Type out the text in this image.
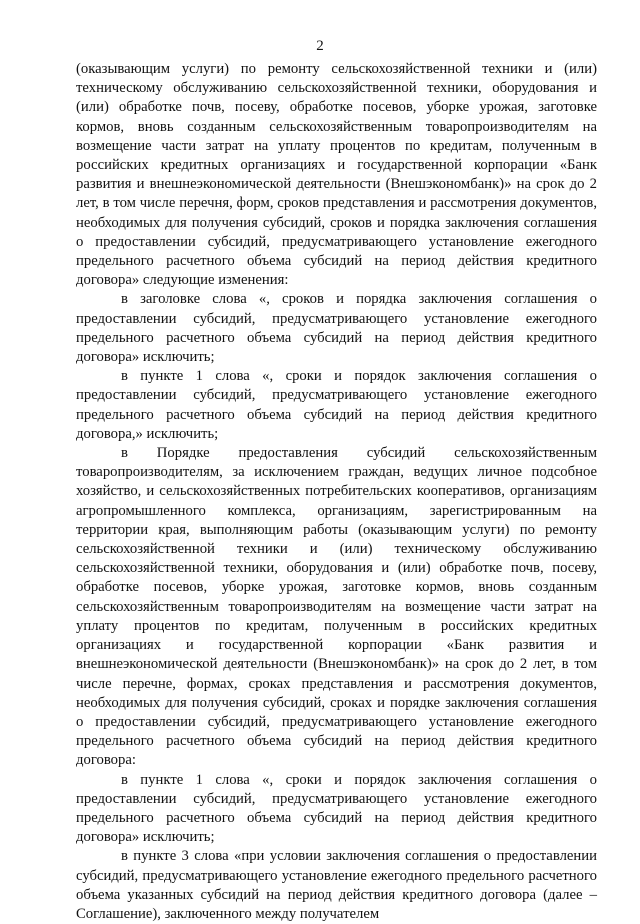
2

(оказывающим услуги) по ремонту сельскохозяйственной техники и (или) техническому обслуживанию сельскохозяйственной техники, оборудования и (или) обработке почв, посеву, обработке посевов, уборке урожая, заготовке кормов, вновь созданным сельскохозяйственным товаропроизводителям на возмещение части затрат на уплату процентов по кредитам, полученным в российских кредитных организациях и государственной корпорации «Банк развития и внешнеэкономической деятельности (Внешэкономбанк)» на срок до 2 лет, в том числе перечня, форм, сроков представления и рассмотрения документов, необходимых для получения субсидий, сроков и порядка заключения соглашения о предоставлении субсидий, предусматривающего установление ежегодного предельного расчетного объема субсидий на период действия кредитного договора» следующие изменения:

в заголовке слова «, сроков и порядка заключения соглашения о предоставлении субсидий, предусматривающего установление ежегодного предельного расчетного объема субсидий на период действия кредитного договора» исключить;

в пункте 1 слова «, сроки и порядок заключения соглашения о предоставлении субсидий, предусматривающего установление ежегодного предельного расчетного объема субсидий на период действия кредитного договора,» исключить;

в Порядке предоставления субсидий сельскохозяйственным товаропроизводителям, за исключением граждан, ведущих личное подсобное хозяйство, и сельскохозяйственных потребительских кооперативов, организациям агропромышленного комплекса, организациям, зарегистрированным на территории края, выполняющим работы (оказывающим услуги) по ремонту сельскохозяйственной техники и (или) техническому обслуживанию сельскохозяйственной техники, оборудования и (или) обработке почв, посеву, обработке посевов, уборке урожая, заготовке кормов, вновь созданным сельскохозяйственным товаропроизводителям на возмещение части затрат на уплату процентов по кредитам, полученным в российских кредитных организациях и государственной корпорации «Банк развития и внешнеэкономической деятельности (Внешэкономбанк)» на срок до 2 лет, в том числе перечне, формах, сроках представления и рассмотрения документов, необходимых для получения субсидий, сроках и порядке заключения соглашения о предоставлении субсидий, предусматривающего установление ежегодного предельного расчетного объема субсидий на период действия кредитного договора:

в пункте 1 слова «, сроки и порядок заключения соглашения о предоставлении субсидий, предусматривающего установление ежегодного предельного расчетного объема субсидий на период действия кредитного договора» исключить;

в пункте 3 слова «при условии заключения соглашения о предоставлении субсидий, предусматривающего установление ежегодного предельного расчетного объема указанных субсидий на период действия кредитного договора (далее – Соглашение), заключенного между получателем
